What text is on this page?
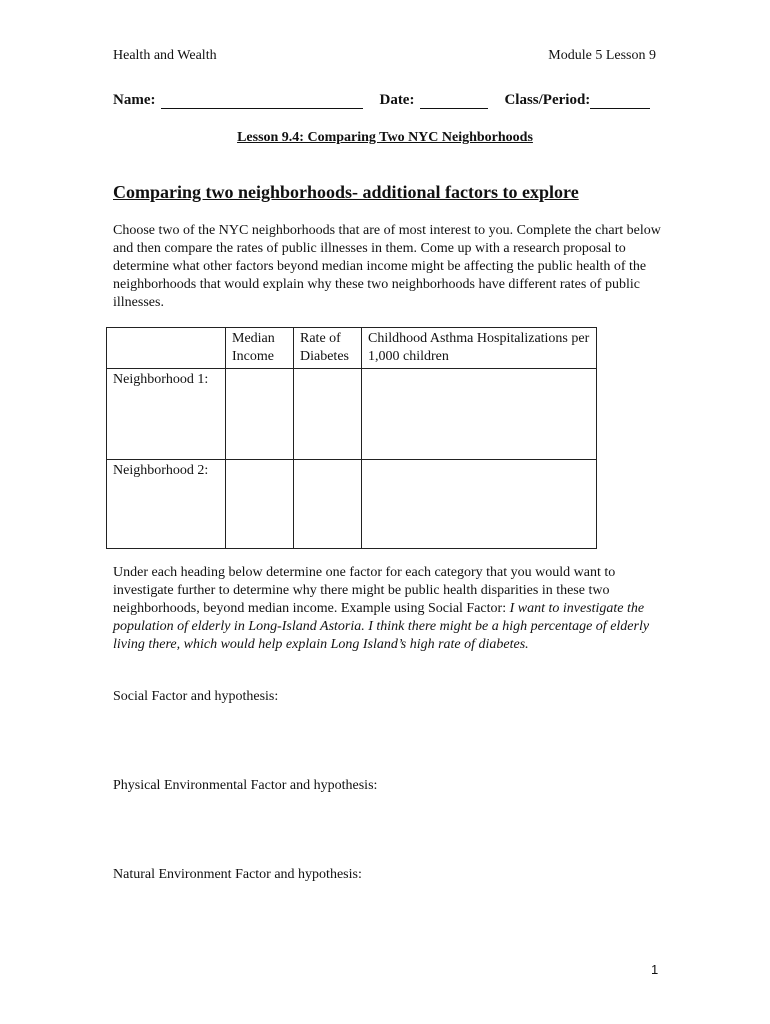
Health and Wealth	Module 5 Lesson 9
Name:	Date:	Class/Period:
Lesson 9.4: Comparing Two NYC Neighborhoods
Comparing two neighborhoods- additional factors to explore
Choose two of the NYC neighborhoods that are of most interest to you. Complete the chart below and then compare the rates of public illnesses in them. Come up with a research proposal to determine what other factors beyond median income might be affecting the public health of the neighborhoods that would explain why these two neighborhoods have different rates of public illnesses.
	Median Income	Rate of Diabetes	Childhood Asthma Hospitalizations per 1,000 children
Neighborhood 1:			
Neighborhood 2:			
Under each heading below determine one factor for each category that you would want to investigate further to determine why there might be public health disparities in these two neighborhoods, beyond median income. Example using Social Factor: I want to investigate the population of elderly in Long-Island Astoria. I think there might be a high percentage of elderly living there, which would help explain Long Island’s high rate of diabetes.
Social Factor and hypothesis:
Physical Environmental Factor and hypothesis:
Natural Environment Factor and hypothesis:
1
